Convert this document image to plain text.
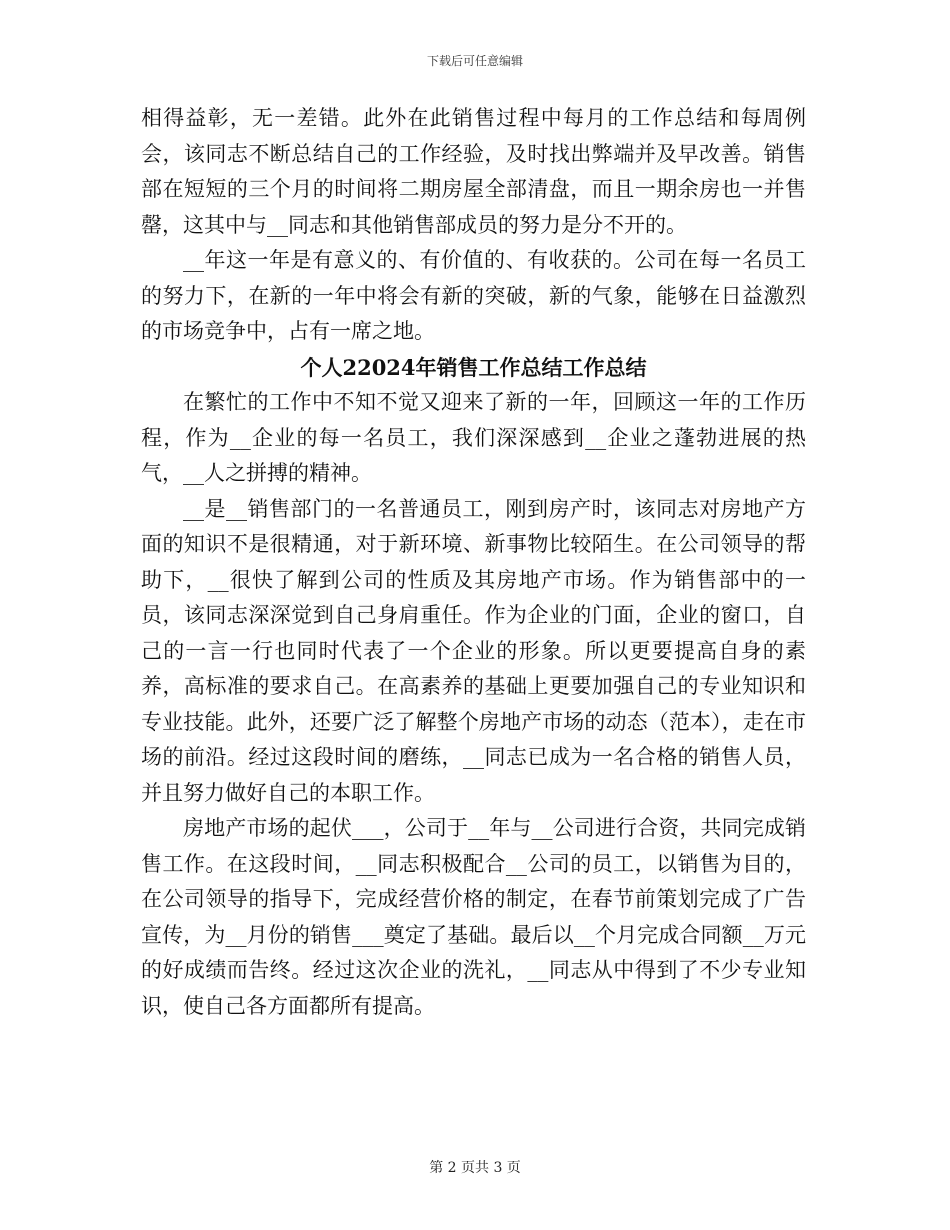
下载后可任意编辑

相得益彰，无一差错。此外在此销售过程中每月的工作总结和每周例会，该同志不断总结自己的工作经验，及时找出弊端并及早改善。销售部在短短的三个月的时间将二期房屋全部清盘，而且一期余房也一并售罄，这其中与__同志和其他销售部成员的努力是分不开的。

__年这一年是有意义的、有价值的、有收获的。公司在每一名员工的努力下，在新的一年中将会有新的突破，新的气象，能够在日益激烈的市场竞争中，占有一席之地。

个人22024年销售工作总结工作总结

在繁忙的工作中不知不觉又迎来了新的一年，回顾这一年的工作历程，作为__企业的每一名员工，我们深深感到__企业之蓬勃进展的热气，__人之拼搏的精神。

__是__销售部门的一名普通员工，刚到房产时，该同志对房地产方面的知识不是很精通，对于新环境、新事物比较陌生。在公司领导的帮助下，__很快了解到公司的性质及其房地产市场。作为销售部中的一员，该同志深深觉到自己身肩重任。作为企业的门面，企业的窗口，自己的一言一行也同时代表了一个企业的形象。所以更要提高自身的素养，高标准的要求自己。在高素养的基础上更要加强自己的专业知识和专业技能。此外，还要广泛了解整个房地产市场的动态（范本），走在市场的前沿。经过这段时间的磨练，__同志已成为一名合格的销售人员，并且努力做好自己的本职工作。

房地产市场的起伏___，公司于__年与__公司进行合资，共同完成销售工作。在这段时间，__同志积极配合__公司的员工，以销售为目的，在公司领导的指导下，完成经营价格的制定，在春节前策划完成了广告宣传，为__月份的销售___奠定了基础。最后以__个月完成合同额__万元的好成绩而告终。经过这次企业的洗礼，__同志从中得到了不少专业知识，使自己各方面都所有提高。

第 2 页共 3 页
